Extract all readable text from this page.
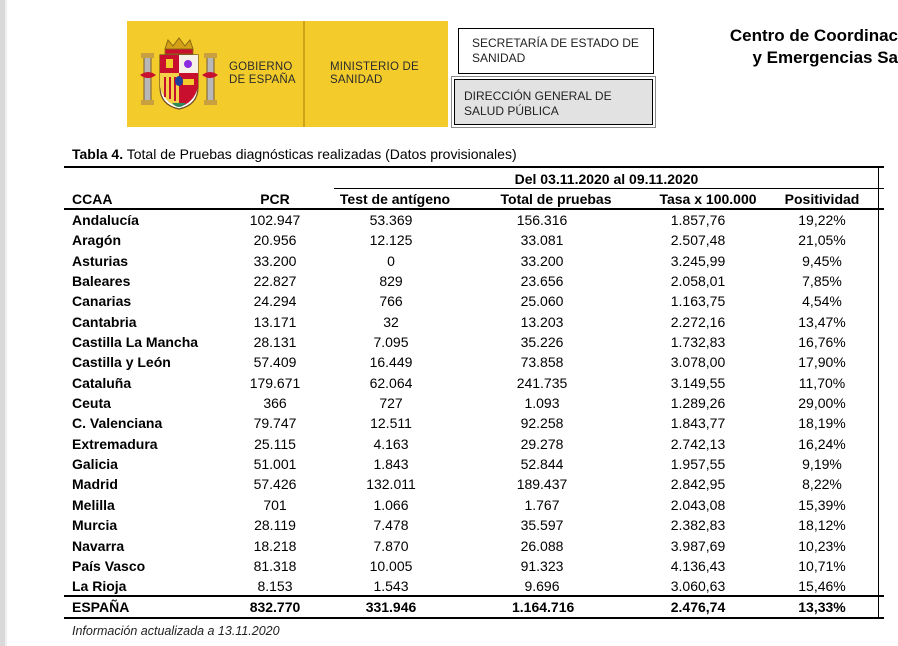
GOBIERNO DE ESPAÑA
MINISTERIO DE SANIDAD
SECRETARÍA DE ESTADO DE SANIDAD
DIRECCIÓN GENERAL DE SALUD PÚBLICA
Centro de Coordinac
y Emergencias Sa
Tabla 4. Total de Pruebas diagnósticas realizadas (Datos provisionales)
Del 03.11.2020 al 09.11.2020
CCAA	PCR	Test de antígeno	Total de pruebas	Tasa x 100.000	Positividad
Andalucía	102.947	53.369	156.316	1.857,76	19,22%
Aragón	20.956	12.125	33.081	2.507,48	21,05%
Asturias	33.200	0	33.200	3.245,99	9,45%
Baleares	22.827	829	23.656	2.058,01	7,85%
Canarias	24.294	766	25.060	1.163,75	4,54%
Cantabria	13.171	32	13.203	2.272,16	13,47%
Castilla La Mancha	28.131	7.095	35.226	1.732,83	16,76%
Castilla y León	57.409	16.449	73.858	3.078,00	17,90%
Cataluña	179.671	62.064	241.735	3.149,55	11,70%
Ceuta	366	727	1.093	1.289,26	29,00%
C. Valenciana	79.747	12.511	92.258	1.843,77	18,19%
Extremadura	25.115	4.163	29.278	2.742,13	16,24%
Galicia	51.001	1.843	52.844	1.957,55	9,19%
Madrid	57.426	132.011	189.437	2.842,95	8,22%
Melilla	701	1.066	1.767	2.043,08	15,39%
Murcia	28.119	7.478	35.597	2.382,83	18,12%
Navarra	18.218	7.870	26.088	3.987,69	10,23%
País Vasco	81.318	10.005	91.323	4.136,43	10,71%
La Rioja	8.153	1.543	9.696	3.060,63	15,46%
ESPAÑA	832.770	331.946	1.164.716	2.476,74	13,33%
Información actualizada a 13.11.2020
